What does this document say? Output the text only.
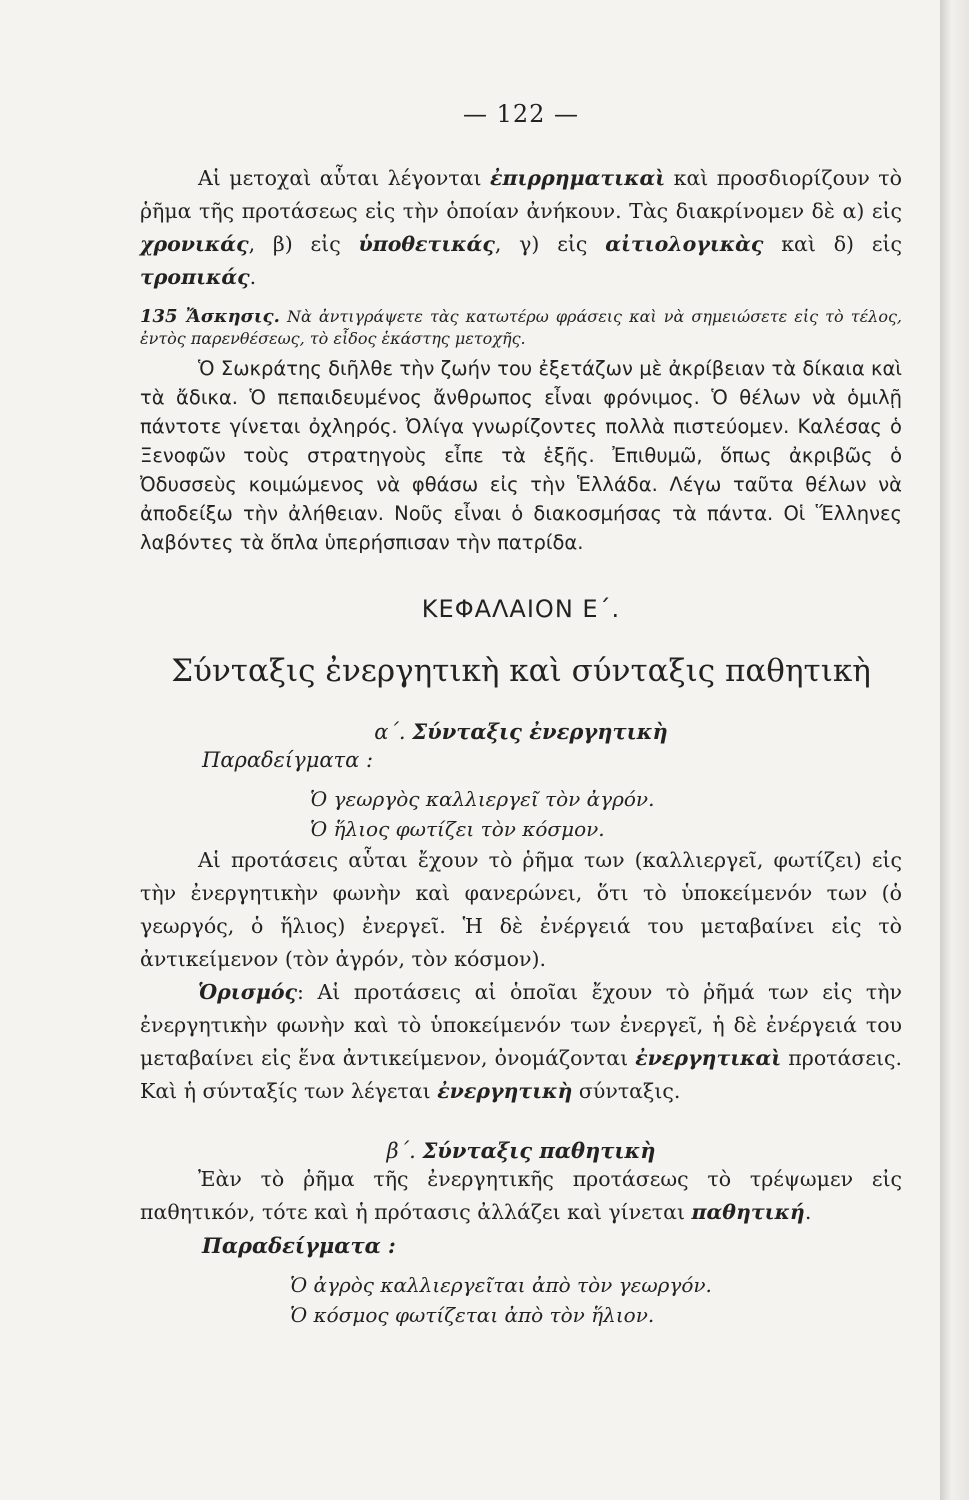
— 122 —

Αἱ μετοχαὶ αὗται λέγονται ἐπιρρηματικαὶ καὶ προσδιορίζουν τὸ ῥῆμα τῆς προτάσεως εἰς τὴν ὁποίαν ἀνήκουν. Τὰς διακρίνομεν δὲ α) εἰς χρονικάς, β) εἰς ὑποθετικάς, γ) εἰς αἰτιολογικὰς καὶ δ) εἰς τροπικάς.

135 Ἄσκησις. Νὰ ἀντιγράψετε τὰς κατωτέρω φράσεις καὶ νὰ σημειώσετε εἰς τὸ τέλος, ἐντὸς παρενθέσεως, τὸ εἶδος ἑκάστης μετοχῆς.

Ὁ Σωκράτης διῆλθε τὴν ζωήν του ἐξετάζων μὲ ἀκρίβειαν τὰ δίκαια καὶ τὰ ἄδικα. Ὁ πεπαιδευμένος ἄνθρωπος εἶναι φρόνιμος. Ὁ θέλων νὰ ὁμιλῇ πάντοτε γίνεται ὀχληρός. Ὀλίγα γνωρίζοντες πολλὰ πιστεύομεν. Καλέσας ὁ Ξενοφῶν τοὺς στρατηγοὺς εἶπε τὰ ἑξῆς. Ἐπιθυμῶ, ὅπως ἀκριβῶς ὁ Ὀδυσσεὺς κοιμώμενος νὰ φθάσω εἰς τὴν Ἑλλάδα. Λέγω ταῦτα θέλων νὰ ἀποδείξω τὴν ἀλήθειαν. Νοῦς εἶναι ὁ διακοσμήσας τὰ πάντα. Οἱ Ἕλληνες λαβόντες τὰ ὅπλα ὑπερήσπισαν τὴν πατρίδα.

ΚΕΦΑΛΑΙΟΝ Ε΄.
Σύνταξις ἐνεργητικὴ καὶ σύνταξις παθητικὴ
α΄. Σύνταξις ἐνεργητικὴ
Παραδείγματα :
Ὁ γεωργὸς καλλιεργεῖ τὸν ἀγρόν.
Ὁ ἥλιος φωτίζει τὸν κόσμον.

Αἱ προτάσεις αὗται ἔχουν τὸ ῥῆμα των (καλλιεργεῖ, φωτίζει) εἰς τὴν ἐνεργητικὴν φωνὴν καὶ φανερώνει, ὅτι τὸ ὑποκείμενόν των (ὁ γεωργός, ὁ ἥλιος) ἐνεργεῖ. Ἡ δὲ ἐνέργειά του μεταβαίνει εἰς τὸ ἀντικείμενον (τὸν ἀγρόν, τὸν κόσμον).

Ὁρισμός: Αἱ προτάσεις αἱ ὁποῖαι ἔχουν τὸ ῥῆμά των εἰς τὴν ἐνεργητικὴν φωνὴν καὶ τὸ ὑποκείμενόν των ἐνεργεῖ, ἡ δὲ ἐνέργειά του μεταβαίνει εἰς ἕνα ἀντικείμενον, ὀνομάζονται ἐνεργητικαὶ προτάσεις. Καὶ ἡ σύνταξίς των λέγεται ἐνεργητικὴ σύνταξις.

β΄. Σύνταξις παθητικὴ

Ἐὰν τὸ ῥῆμα τῆς ἐνεργητικῆς προτάσεως τὸ τρέψωμεν εἰς παθητικόν, τότε καὶ ἡ πρότασις ἀλλάζει καὶ γίνεται παθητική.

Παραδείγματα :
Ὁ ἀγρὸς καλλιεργεῖται ἀπὸ τὸν γεωργόν.
Ὁ κόσμος φωτίζεται ἀπὸ τὸν ἥλιον.
